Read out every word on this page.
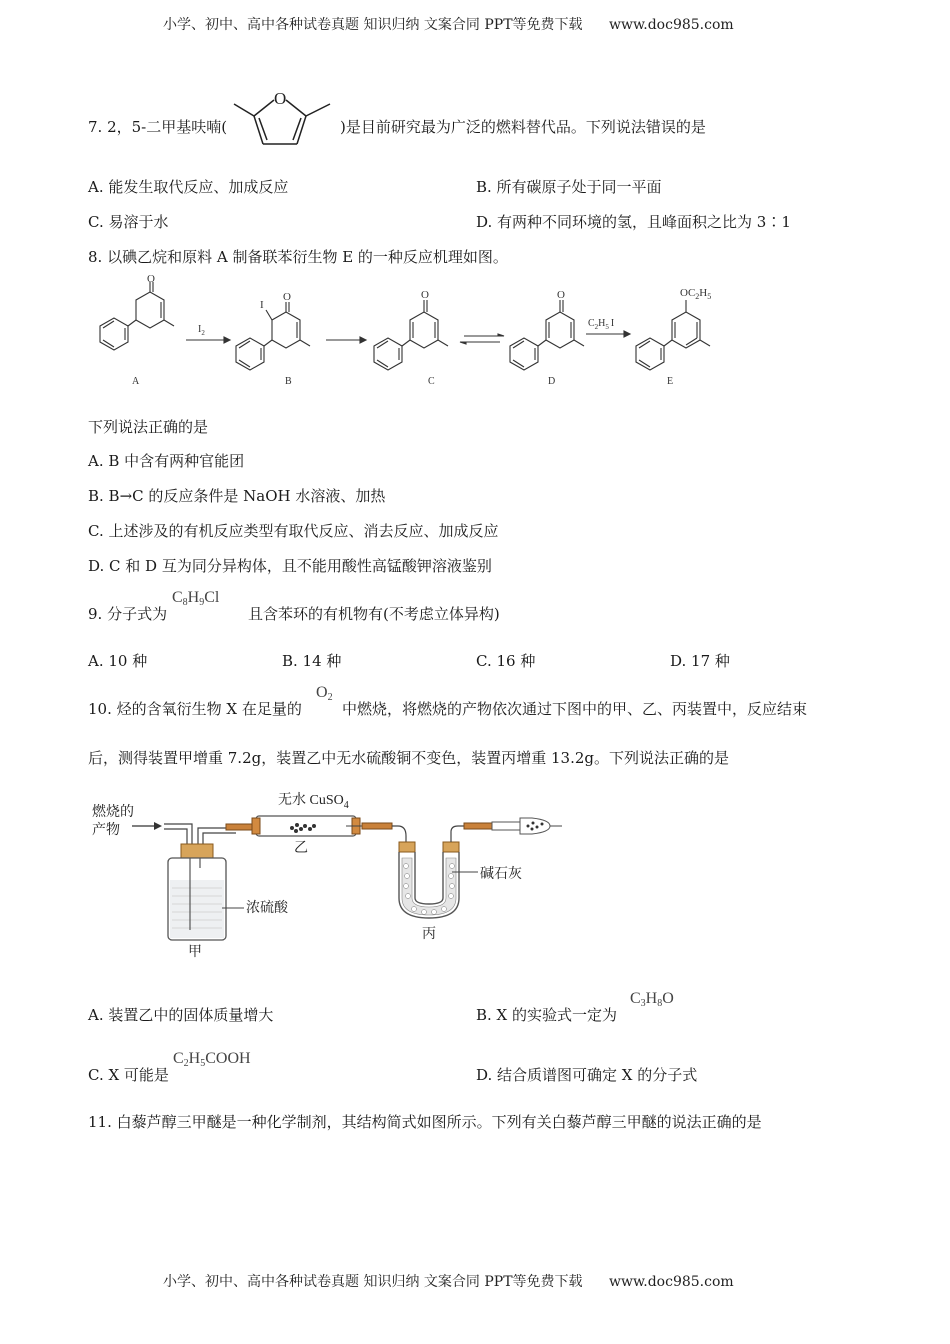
小学、初中、高中各种试卷真题 知识归纳 文案合同 PPT等免费下载 www.doc985.com
7. 2，5-二甲基呋喃(
O
)是目前研究最为广泛的燃料替代品。下列说法错误的是
A. 能发生取代反应、加成反应	B. 所有碳原子处于同一平面
C. 易溶于水	D. 有两种不同环境的氢，且峰面积之比为 3∶1
8. 以碘乙烷和原料 A 制备联苯衍生物 E 的一种反应机理如图。
O
O
I
O	O	$OC_2H_5$
$I_2$
$C_2H_5$ I
A	B	C	D	E
下列说法正确的是
A. B 中含有两种官能团
B. B→C 的反应条件是 NaOH 水溶液、加热
C. 上述涉及的有机反应类型有取代反应、消去反应、加成反应
D. C 和 D 互为同分异构体，且不能用酸性高锰酸钾溶液鉴别
9. 分子式为
$C_8H_9Cl$
且含苯环的有机物有(不考虑立体异构)
A. 10 种	B. 14 种	C. 16 种	D. 17 种
10. 烃的含氧衍生物 X 在足量的
$O_2$
中燃烧，将燃烧的产物依次通过下图中的甲、乙、丙装置中，反应结束
后，测得装置甲增重 7.2g，装置乙中无水硫酸铜不变色，装置丙增重 13.2g。下列说法正确的是
燃烧的
产物
无水 CuSO$_4$
乙
浓硫酸
甲
丙
碱石灰
A. 装置乙中的固体质量增大	B. X 的实验式一定为
$C_3H_8O$
C. X 可能是
$C_2H_5COOH$
D. 结合质谱图可确定 X 的分子式
11. 白藜芦醇三甲醚是一种化学制剂，其结构简式如图所示。下列有关白藜芦醇三甲醚的说法正确的是
小学、初中、高中各种试卷真题 知识归纳 文案合同 PPT等免费下载 www.doc985.com
